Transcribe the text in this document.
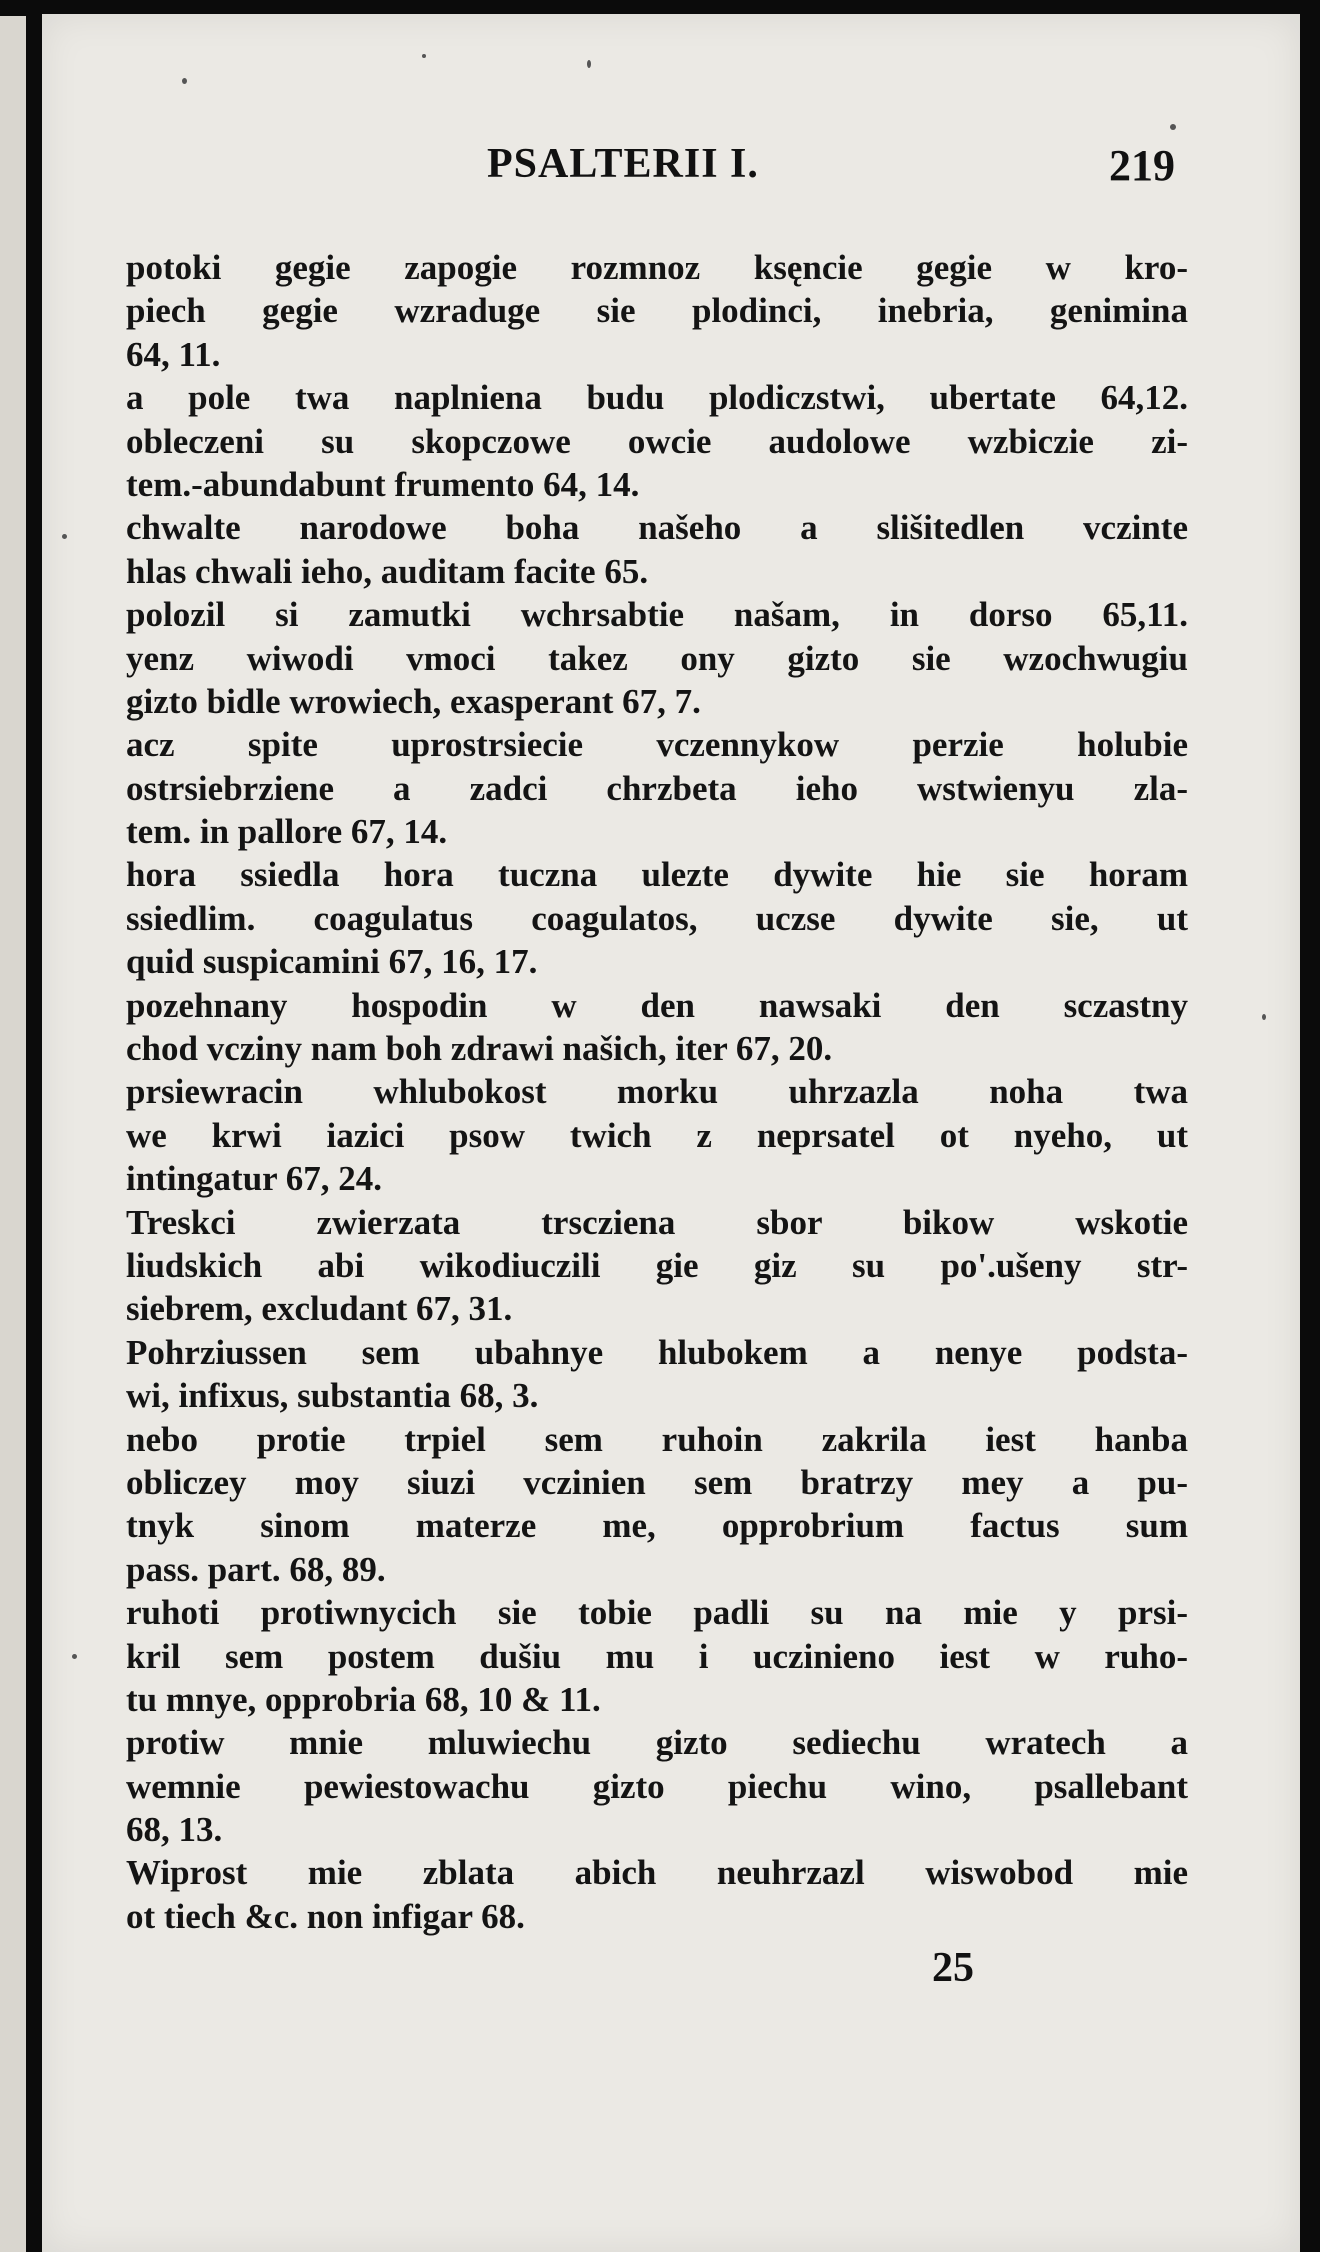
PSALTERII I.	219
potoki gegie zapogie rozmnoz ksęncie gegie w kro-
piech gegie wzraduge sie plodinci, inebria, genimina
64, 11.
a pole twa naplniena budu plodiczstwi, ubertate 64,12.
obleczeni su skopczowe owcie audolowe wzbiczie zi-
tem.-abundabunt frumento 64, 14.
chwalte narodowe boha našeho a slišitedlen vczinte
hlas chwali ieho, auditam facite 65.
polozil si zamutki wchrsabtie našam, in dorso 65,11.
yenz wiwodi vmoci takez ony gizto sie wzochwugiu
gizto bidle wrowiech, exasperant 67, 7.
acz spite uprostrsiecie vczennykow perzie holubie
ostrsiebrziene a zadci chrzbeta ieho wstwienyu zla-
tem. in pallore 67, 14.
hora ssiedla hora tuczna ulezte dywite hie sie horam
ssiedlim. coagulatus coagulatos, uczse dywite sie, ut
quid suspicamini 67, 16, 17.
pozehnany hospodin w den nawsaki den sczastny
chod vcziny nam boh zdrawi našich, iter 67, 20.
prsiewracin whlubokost morku uhrzazla noha twa
we krwi iazici psow twich z neprsatel ot nyeho, ut
intingatur 67, 24.
Treskci zwierzata trscziena sbor bikow wskotie
liudskich abi wikodiuczili gie giz su po'.ušeny str-
siebrem, excludant 67, 31.
Pohrziussen sem ubahnye hlubokem a nenye podsta-
wi, infixus, substantia 68, 3.
nebo protie trpiel sem ruhoin zakrila iest hanba
obliczey moy siuzi vczinien sem bratrzy mey a pu-
tnyk sinom materze me, opprobrium factus sum
pass. part. 68, 89.
ruhoti protiwnycich sie tobie padli su na mie y prsi-
kril sem postem dušiu mu i uczinieno iest w ruho-
tu mnye, opprobria 68, 10 & 11.
protiw mnie mluwiechu gizto sediechu wratech a
wemnie pewiestowachu gizto piechu wino, psallebant
68, 13.
Wiprost mie zblata abich neuhrzazl wiswobod mie
ot tiech &c. non infigar 68.
25
